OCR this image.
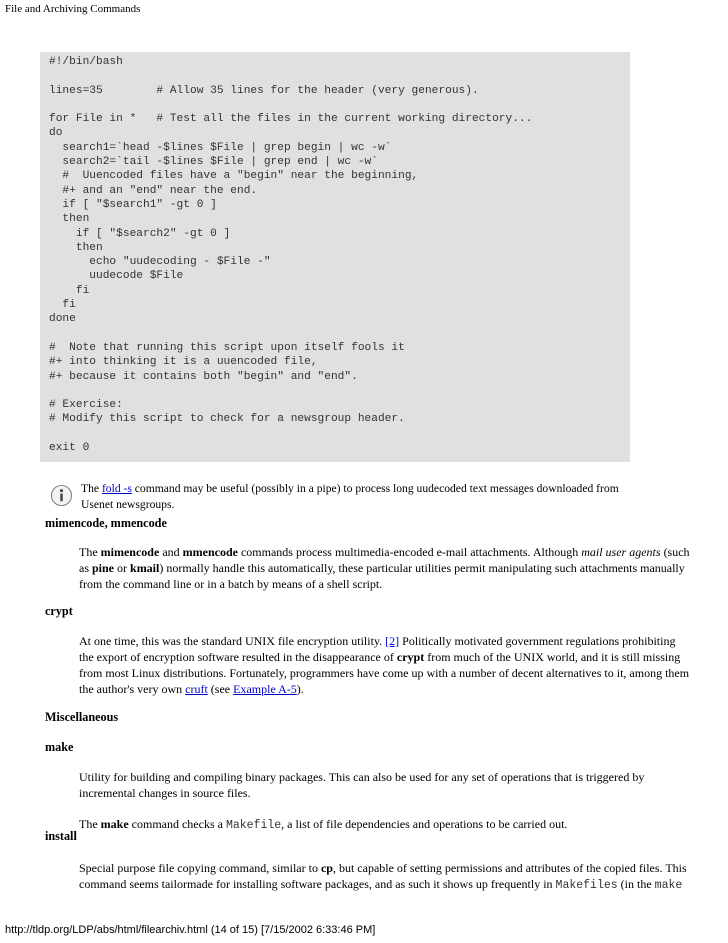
File and Archiving Commands
#!/bin/bash

lines=35        # Allow 35 lines for the header (very generous).

for File in *   # Test all the files in the current working directory...
do
search1=`head -$lines $File | grep begin | wc -w`
search2=`tail -$lines $File | grep end | wc -w`
#  Uuencoded files have a "begin" near the beginning,
#+ and an "end" near the end.
if [ "$search1" -gt 0 ]
then
if [ "$search2" -gt 0 ]
then
echo "uudecoding - $File -"
uudecode $File
fi
fi
done

#  Note that running this script upon itself fools it
#+ into thinking it is a uuencoded file,
#+ because it contains both "begin" and "end".

# Exercise:
# Modify this script to check for a newsgroup header.

exit 0
The fold -s command may be useful (possibly in a pipe) to process long uudecoded text messages downloaded from Usenet newsgroups.
mimencode, mmencode

The mimencode and mmencode commands process multimedia-encoded e-mail attachments. Although mail user agents (such as pine or kmail) normally handle this automatically, these particular utilities permit manipulating such attachments manually from the command line or in a batch by means of a shell script.

crypt

At one time, this was the standard UNIX file encryption utility. [2] Politically motivated government regulations prohibiting the export of encryption software resulted in the disappearance of crypt from much of the UNIX world, and it is still missing from most Linux distributions. Fortunately, programmers have come up with a number of decent alternatives to it, among them the author's very own cruft (see Example A-5).

Miscellaneous
make

Utility for building and compiling binary packages. This can also be used for any set of operations that is triggered by incremental changes in source files.

The make command checks a Makefile, a list of file dependencies and operations to be carried out.

install

Special purpose file copying command, similar to cp, but capable of setting permissions and attributes of the copied files. This command seems tailormade for installing software packages, and as such it shows up frequently in Makefiles (in the make

http://tldp.org/LDP/abs/html/filearchiv.html (14 of 15) [7/15/2002 6:33:46 PM]
